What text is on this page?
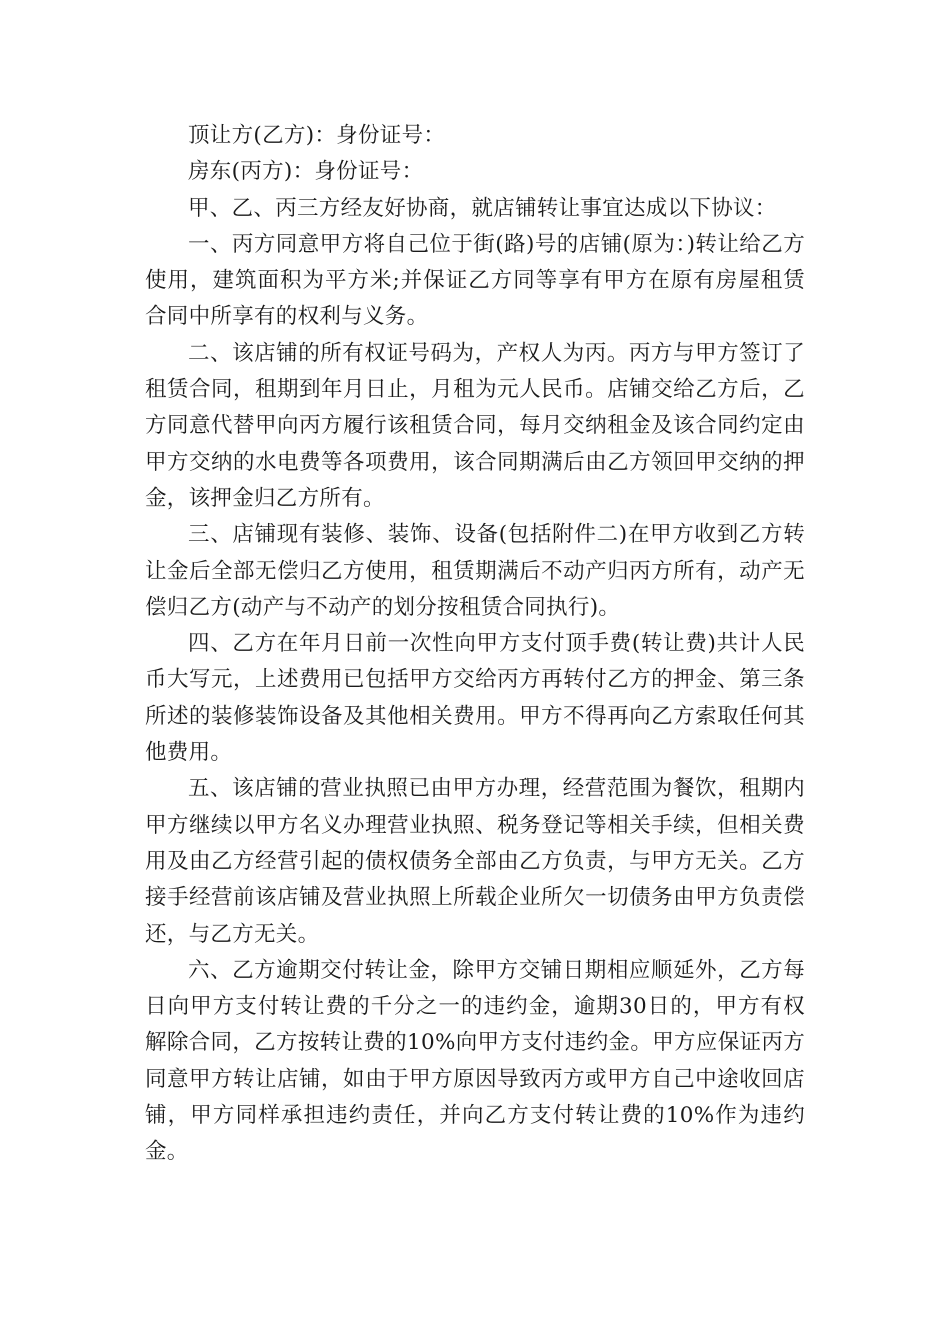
顶让方(乙方)：身份证号：

房东(丙方)：身份证号：

甲、乙、丙三方经友好协商，就店铺转让事宜达成以下协议：

一、丙方同意甲方将自己位于街(路)号的店铺(原为：)转让给乙方使用，建筑面积为平方米;并保证乙方同等享有甲方在原有房屋租赁合同中所享有的权利与义务。

二、该店铺的所有权证号码为，产权人为丙。丙方与甲方签订了租赁合同，租期到年月日止，月租为元人民币。店铺交给乙方后，乙方同意代替甲向丙方履行该租赁合同，每月交纳租金及该合同约定由甲方交纳的水电费等各项费用，该合同期满后由乙方领回甲交纳的押金，该押金归乙方所有。

三、店铺现有装修、装饰、设备(包括附件二)在甲方收到乙方转让金后全部无偿归乙方使用，租赁期满后不动产归丙方所有，动产无偿归乙方(动产与不动产的划分按租赁合同执行)。

四、乙方在年月日前一次性向甲方支付顶手费(转让费)共计人民币大写元，上述费用已包括甲方交给丙方再转付乙方的押金、第三条所述的装修装饰设备及其他相关费用。甲方不得再向乙方索取任何其他费用。

五、该店铺的营业执照已由甲方办理，经营范围为餐饮，租期内甲方继续以甲方名义办理营业执照、税务登记等相关手续，但相关费用及由乙方经营引起的债权债务全部由乙方负责，与甲方无关。乙方接手经营前该店铺及营业执照上所载企业所欠一切债务由甲方负责偿还，与乙方无关。

六、乙方逾期交付转让金，除甲方交铺日期相应顺延外，乙方每日向甲方支付转让费的千分之一的违约金，逾期30日的，甲方有权解除合同，乙方按转让费的10%向甲方支付违约金。甲方应保证丙方同意甲方转让店铺，如由于甲方原因导致丙方或甲方自己中途收回店铺，甲方同样承担违约责任，并向乙方支付转让费的10%作为违约金。
